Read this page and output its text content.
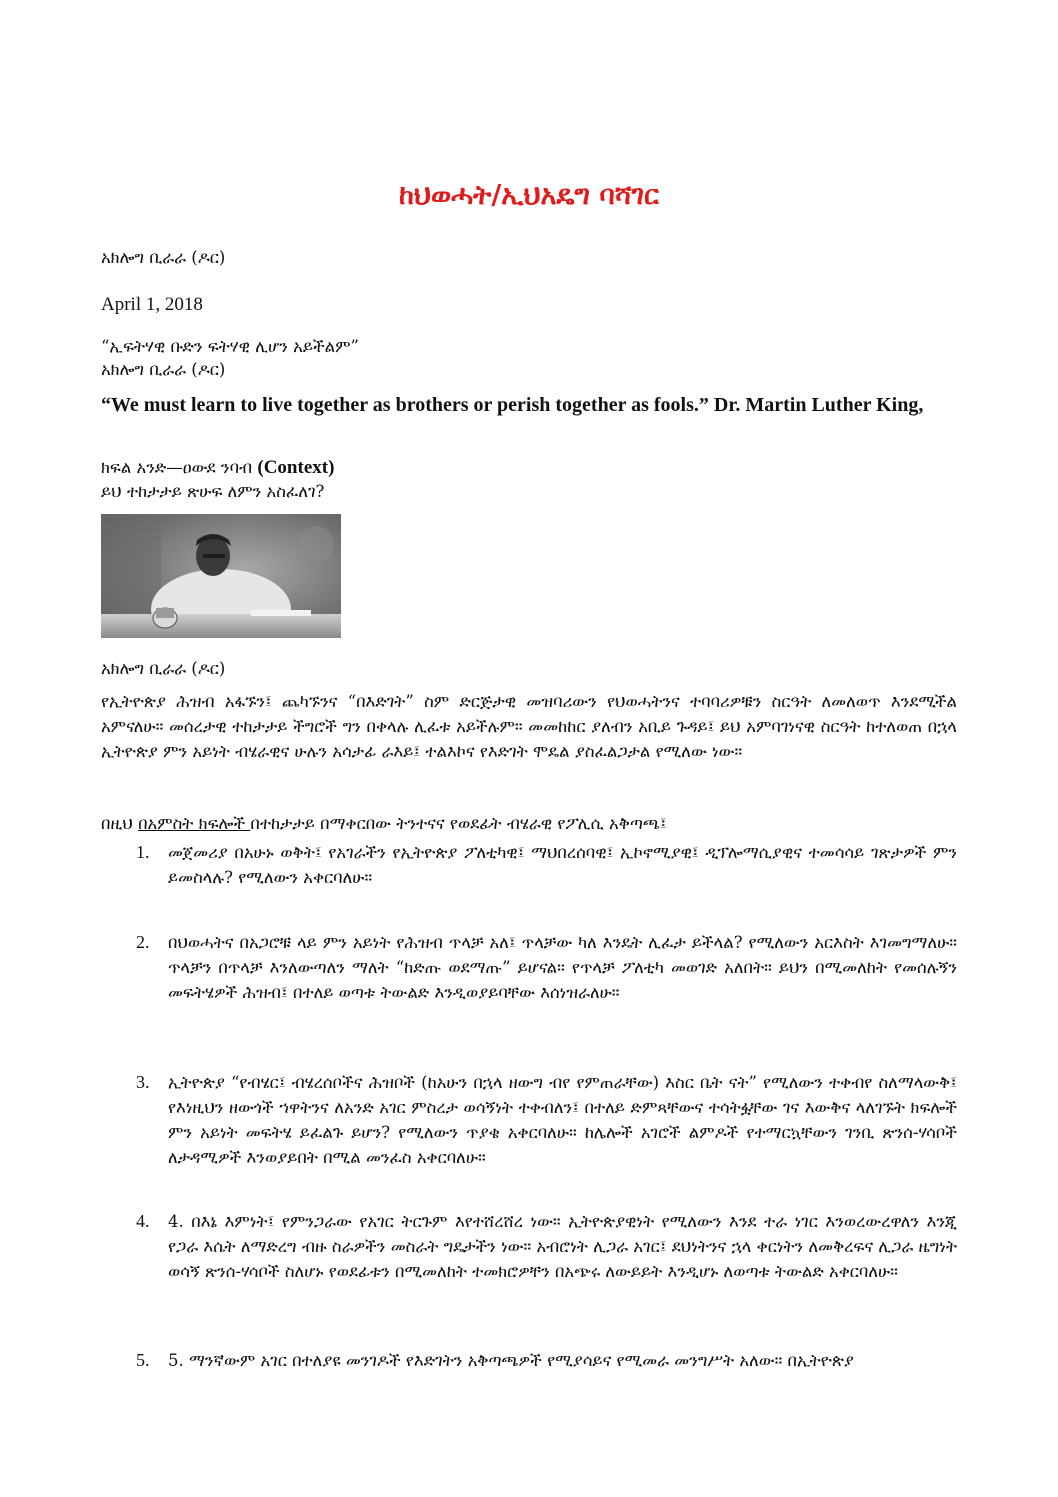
ከህወሓት/ኢህአዴግ ባሻገር
አክሎግ ቢራራ (ዶር)
April 1, 2018
“ኢፍትሃዊ ቡድን ፍትሃዊ ሊሆን አይችልም”
አክሎግ ቢራራ (ዶር)
“We must learn to live together as brothers or perish together as fools.” Dr. Martin Luther King,
ክፍል አንድ—ዐውደ ንባብ (Context)
ይህ ተከታታይ ጽሁፍ ለምን አስፈለገ?
አክሎግ ቢራራ (ዶር)
የኢትዮጵያ ሕዝብ አፋኙን፤ ጨካኙንና “በእድገት” ስም ድርጅታዊ መዝባሪውን የህወሓትንና ተባባሪዎቹን ስርዓት ለመለወጥ እንደሚችል አምናለሁ። መሰረታዊ ተከታታይ ችግሮች ግን በቀላሉ ሊፈቱ አይችሉም። መመከከር ያለብን አቢይ ጉዳይ፤ ይህ አምባገነናዊ ስርዓት ከተለወጠ በኋላ ኢትዮጵያ ምን አይነት ብሄራዊና ሁሉን አሳታፊ ራእይ፤ ተልእኮና የእድገት ሞዴል ያስፈልጋታል የሚለው ነው።
በዚህ በአምስት ክፍሎች በተከታታይ በማቀርበው ትንተናና የወደፊት ብሄራዊ የፖሊሲ አቅጣጫ፤
1. መጀመሪያ በአሁኑ ወቅት፤ የአገራችን የኢትዮጵያ ፖለቲካዊ፤ ማህበረሰባዊ፤ ኢኮኖሚያዊ፤ ዲፕሎማሲያዊና ተመሳሳይ ገጽታዎች ምን ይመስላሉ? የሚለውን አቀርባለሁ።
2. በህወሓትና በአጋሮቹ ላይ ምን አይነት የሕዝብ ጥላቻ አለ፤ ጥላቻው ካለ እንዴት ሊፈታ ይችላል? የሚለውን አርእስት እገመግማለሁ። ጥላቻን በጥላቻ እንለውጣለን ማለት “ከድጡ ወደማጡ” ይሆናል። የጥላቻ ፖለቲካ መወገድ አለበት። ይህን በሚመለከት የመሰሉኝን መፍትሄዎች ሕዝብ፤ በተለይ ወጣቱ ትውልድ እንዲወያይባቸው እሰነዝራለሁ።
3. ኢትዮጵያ “የብሄር፤ ብሄረሰቦችና ሕዝቦች (ከአሁን በኋላ ዘውግ ብየ የምጠራቸው) እስር ቤት ናት” የሚለውን ተቀብየ ስለማላውቅ፤ የእነዚህን ዘውጎች ኀዋትንና ለአንድ አገር ምስረታ ወሳኝነት ተቀብለን፤ በተለይ ድምጻቸውና ተሳትፏቸው ገና እውቅና ላለገኙት ክፍሎች ምን አይነት መፍትሄ ይፈልጉ ይሆን? የሚለውን ጥያቄ አቀርባለሁ። ከሌሎች አገሮች ልምዶች የተማርኳቸውን ገንቢ ጽንሰ-ሃሳቦች ለታዳሚዎች እንወያይበት በሚል መንፈስ አቀርባለሁ።
4. 4. በእኔ እምነት፤ የምንጋራው የአገር ትርጉም እየተሸረሸረ ነው። ኢትዮጵያዊነት የሚለውን እንደ ተራ ነገር እንወረውረዋለን እንጂ የጋራ እሴት ለማድረግ ብዙ ስራዎችን መስራት ግዴታችን ነው። አብሮነት ሊጋራ አገር፤ ደህነትንና ኋላ ቀርነትን ለመቅረፍና ሊጋራ ዜግነት ወሳኝ ጽንሰ-ሃሳቦች ስለሆኑ የወደፊቱን በሚመለከት ተመክሮዎቸን በአጭሩ ለውይይት እንዲሆኑ ለወጣቱ ትውልድ አቀርባለሁ።
5. 5. ማንኛውም አገር በተለያዩ መንገዶች የእድገትን አቅጣጫዎች የሚያሳይና የሚመራ መንግሥት አለው። በኢትዮጵያ
